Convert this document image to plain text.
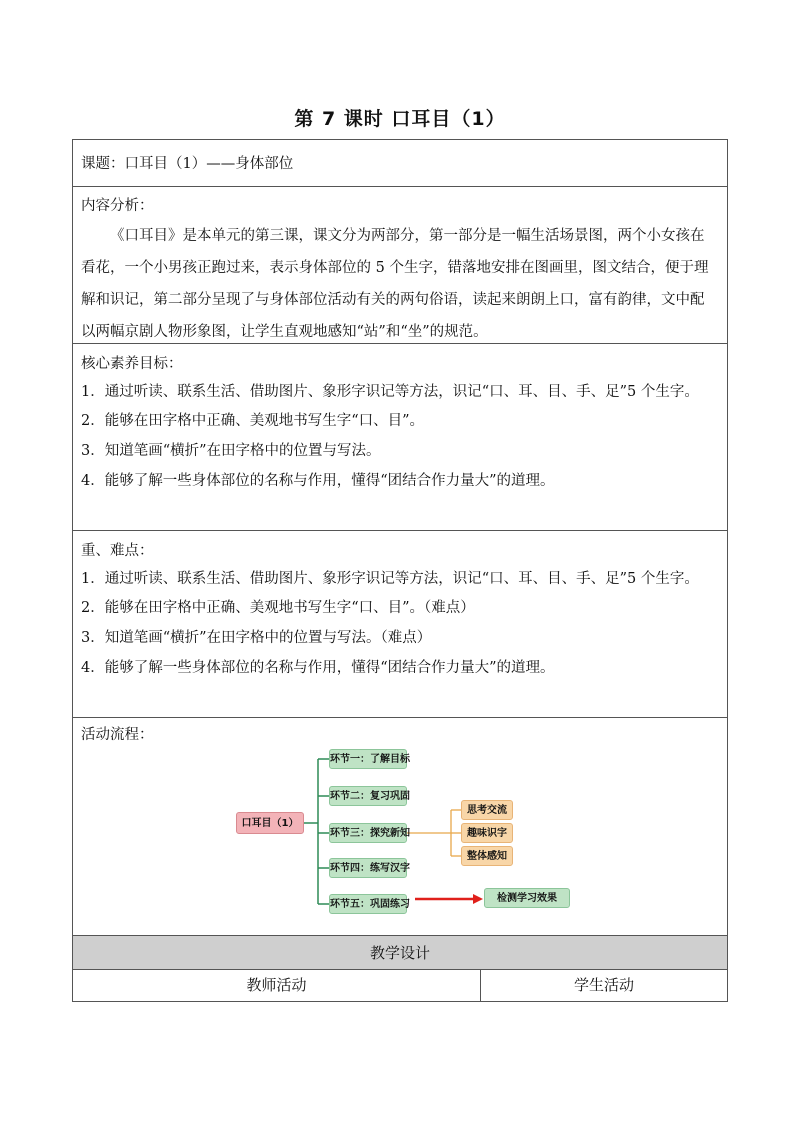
第 7 课时 口耳目（1）
课题：口耳目（1）——身体部位
内容分析：
《口耳目》是本单元的第三课，课文分为两部分，第一部分是一幅生活场景图，两个小女孩在看花，一个小男孩正跑过来，表示身体部位的 5 个生字，错落地安排在图画里，图文结合，便于理解和识记，第二部分呈现了与身体部位活动有关的两句俗语，读起来朗朗上口，富有韵律，文中配以两幅京剧人物形象图，让学生直观地感知“站”和“坐”的规范。
核心素养目标：
1．通过听读、联系生活、借助图片、象形字识记等方法，识记“口、耳、目、手、足”5 个生字。
2．能够在田字格中正确、美观地书写生字“口、目”。
3．知道笔画“横折”在田字格中的位置与写法。
4．能够了解一些身体部位的名称与作用，懂得“团结合作力量大”的道理。
重、难点：
1．通过听读、联系生活、借助图片、象形字识记等方法，识记“口、耳、目、手、足”5 个生字。
2．能够在田字格中正确、美观地书写生字“口、目”。（难点）
3．知道笔画“横折”在田字格中的位置与写法。（难点）
4．能够了解一些身体部位的名称与作用，懂得“团结合作力量大”的道理。
活动流程：
口耳目（1）
环节一：了解目标
环节二：复习巩固
环节三：探究新知
环节四：练写汉字
环节五：巩固练习
思考交流
趣味识字
整体感知
检测学习效果
教学设计
教师活动	学生活动
